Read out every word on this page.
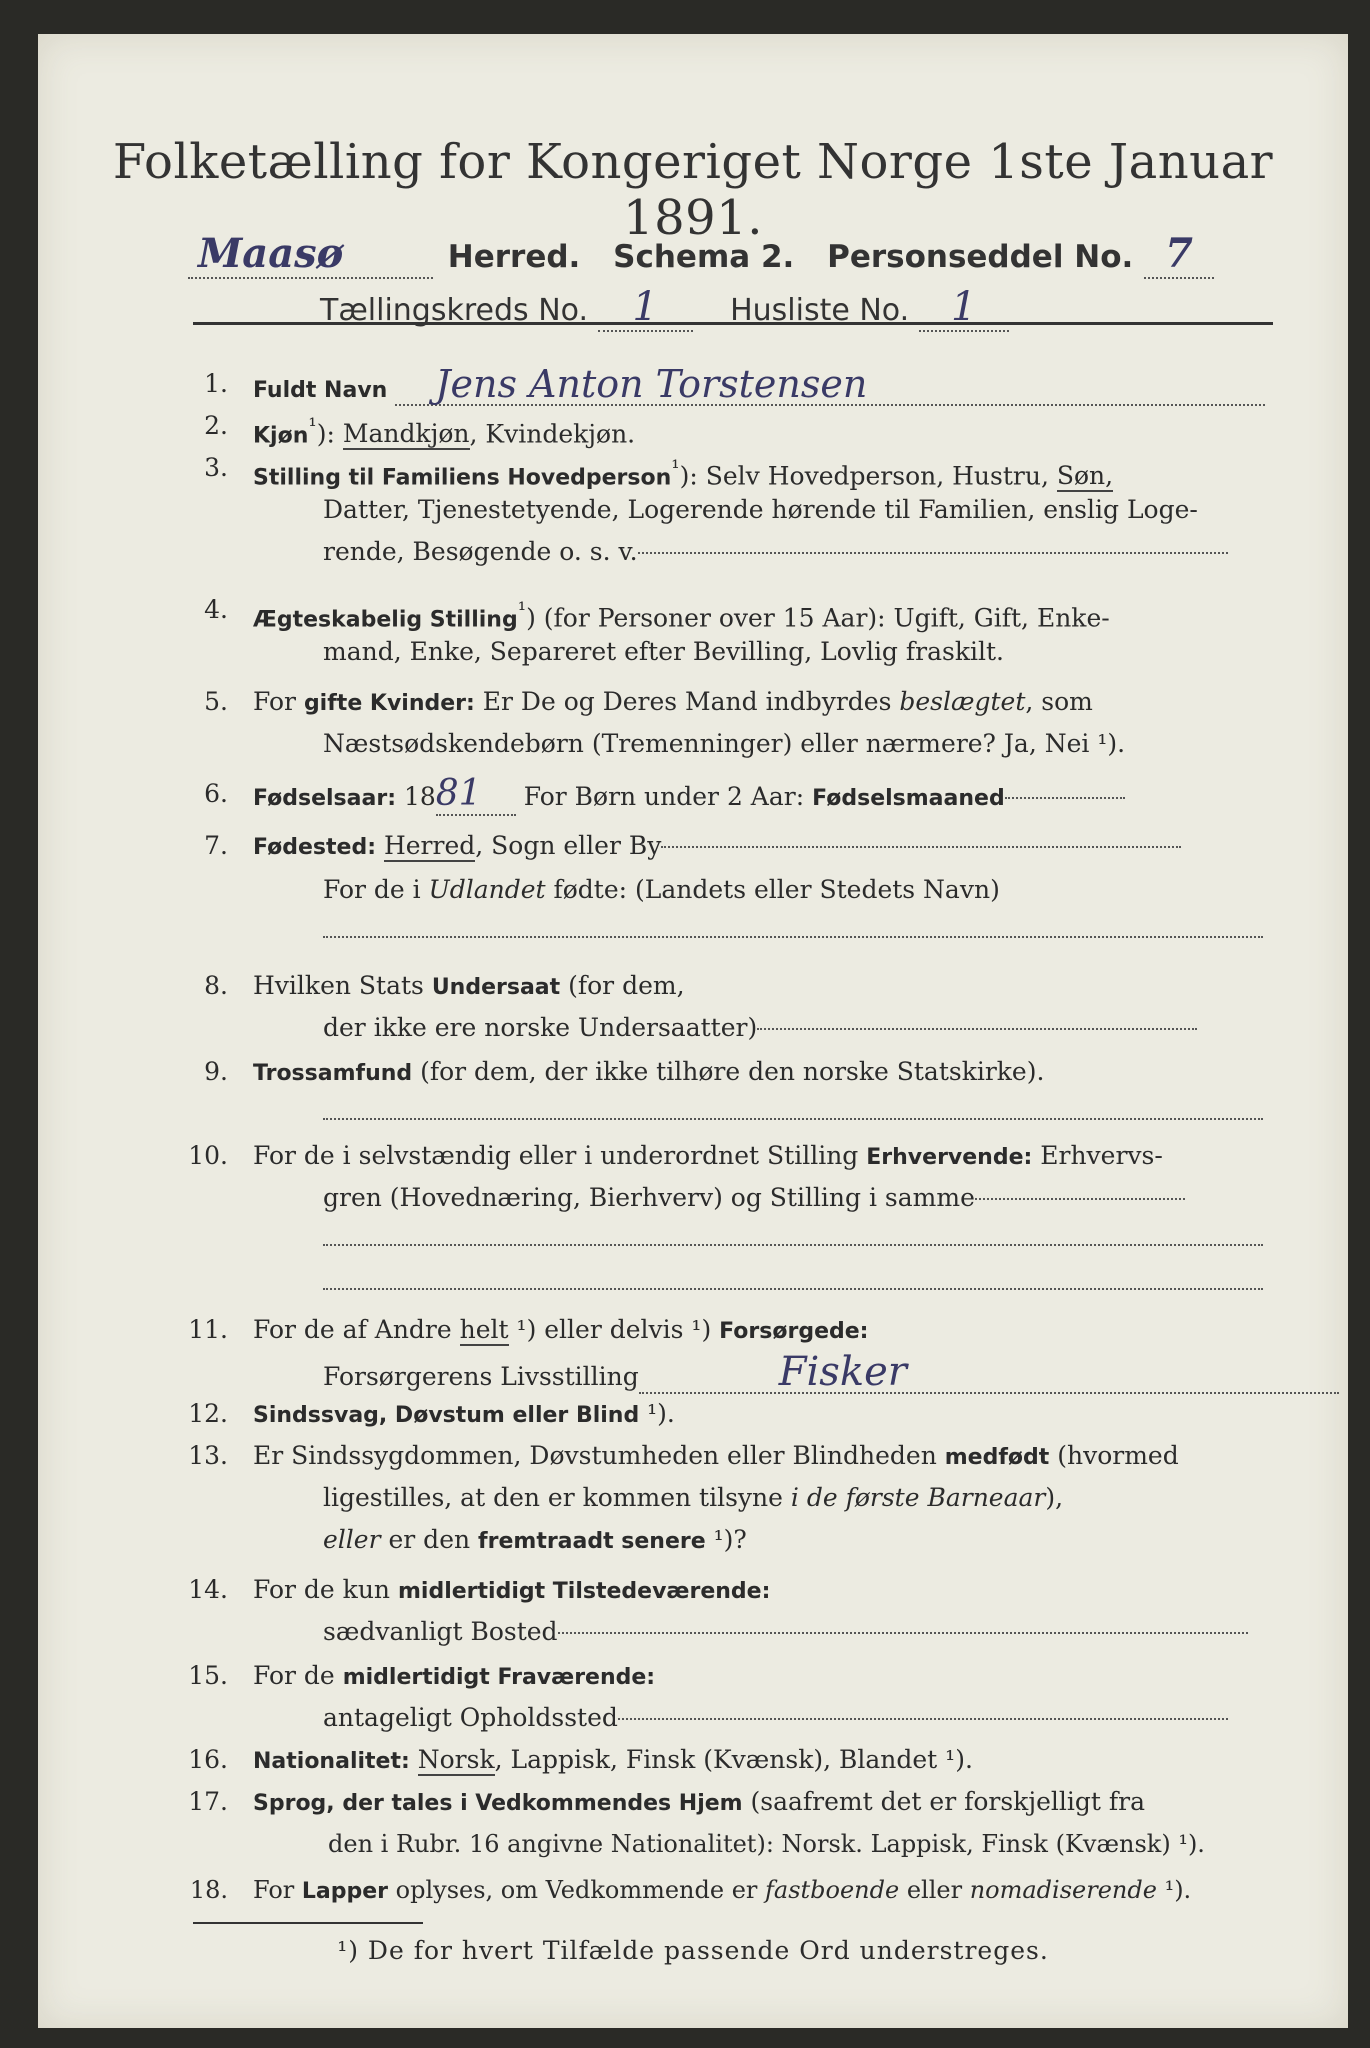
Folketælling for Kongeriget Norge 1ste Januar 1891.
Maasø	Herred. Schema 2. Personseddel No. 7
Tællingskreds No. 1 Husliste No. 1
1. Fuldt Navn Jens Anton Torstensen
2. Kjøn$^{^1}$): Mandkjøn, Kvindekjøn.
3. Stilling til Familiens Hovedperson$^{^1}$): Selv Hovedperson, Hustru, Søn,
Datter, Tjenestetyende, Logerende hørende til Familien, enslig Loge-
rende, Besøgende o. s. v.
4. Ægteskabelig Stilling$^{^1}$) (for Personer over 15 Aar): Ugift, Gift, Enke-
mand, Enke, Separeret efter Bevilling, Lovlig fraskilt.
5. For gifte Kvinder: Er De og Deres Mand indbyrdes beslægtet, som
Næstsødskendebørn (Tremenninger) eller nærmere? Ja, Nei ¹).
6. Fødselsaar: 1881 For Børn under 2 Aar: Fødselsmaaned
7. Fødested: Herred, Sogn eller By
For de i Udlandet fødte: (Landets eller Stedets Navn)
8. Hvilken Stats Undersaat (for dem,
der ikke ere norske Undersaatter)
9. Trossamfund (for dem, der ikke tilhøre den norske Statskirke).
10. For de i selvstændig eller i underordnet Stilling Erhvervende: Erhvervs-
gren (Hovednæring, Bierhverv) og Stilling i samme
11. For de af Andre helt ¹) eller delvis ¹) Forsørgede:
Forsørgerens Livsstilling	Fisker
12. Sindssvag, Døvstum eller Blind ¹).
13. Er Sindssygdommen, Døvstumheden eller Blindheden medfødt (hvormed
ligestilles, at den er kommen tilsyne i de første Barneaar),
eller er den fremtraadt senere ¹)?
14. For de kun midlertidigt Tilstedeværende:
sædvanligt Bosted
15. For de midlertidigt Fraværende:
antageligt Opholdssted
16. Nationalitet: Norsk, Lappisk, Finsk (Kvænsk), Blandet ¹).
17. Sprog, der tales i Vedkommendes Hjem (saafremt det er forskjelligt fra
den i Rubr. 16 angivne Nationalitet): Norsk. Lappisk, Finsk (Kvænsk) ¹).
18. For Lapper oplyses, om Vedkommende er fastboende eller nomadiserende ¹).
¹) De for hvert Tilfælde passende Ord understreges.
